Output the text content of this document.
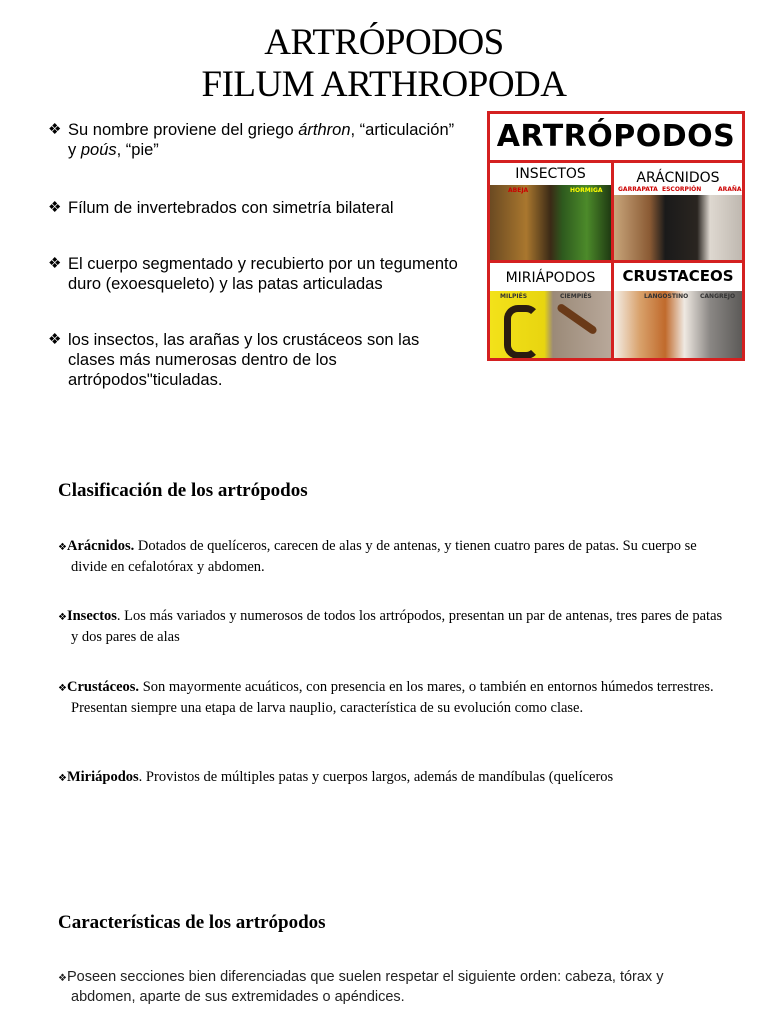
ARTRÓPODOS
FILUM ARTHROPODA
❖ Su nombre proviene del griego árthron, “articulación”
y poús, “pie”
❖ Fílum de invertebrados con simetría bilateral
❖ El cuerpo segmentado y recubierto por un tegumento
duro (exoesqueleto) y las patas articuladas
❖ los insectos, las arañas y los crustáceos son las
clases más numerosas dentro de los
artrópodos"ticuladas.
ARTRÓPODOS
INSECTOS
ABEJA	HORMIGA
ARÁCNIDOS
GARRAPATA ESCORPIÓN	ARAÑA
MIRIÁPODOS
MILPIÉS	CIEMPIÉS
CRUSTACEOS
LANGOSTINO CANGREJO
Clasificación de los artrópodos
❖Arácnidos. Dotados de quelíceros, carecen de alas y de antenas, y tienen cuatro pares de patas. Su cuerpo se divide en cefalotórax y abdomen.
❖Insectos. Los más variados y numerosos de todos los artrópodos, presentan un par de antenas, tres pares de patas y dos pares de alas
❖Crustáceos. Son mayormente acuáticos, con presencia en los mares, o también en entornos húmedos terrestres. Presentan siempre una etapa de larva nauplio, característica de su evolución como clase.
❖Miriápodos. Provistos de múltiples patas y cuerpos largos, además de mandíbulas (quelíceros
Características de los artrópodos
❖Poseen secciones bien diferenciadas que suelen respetar el siguiente orden: cabeza, tórax y abdomen, aparte de sus extremidades o apéndices.
